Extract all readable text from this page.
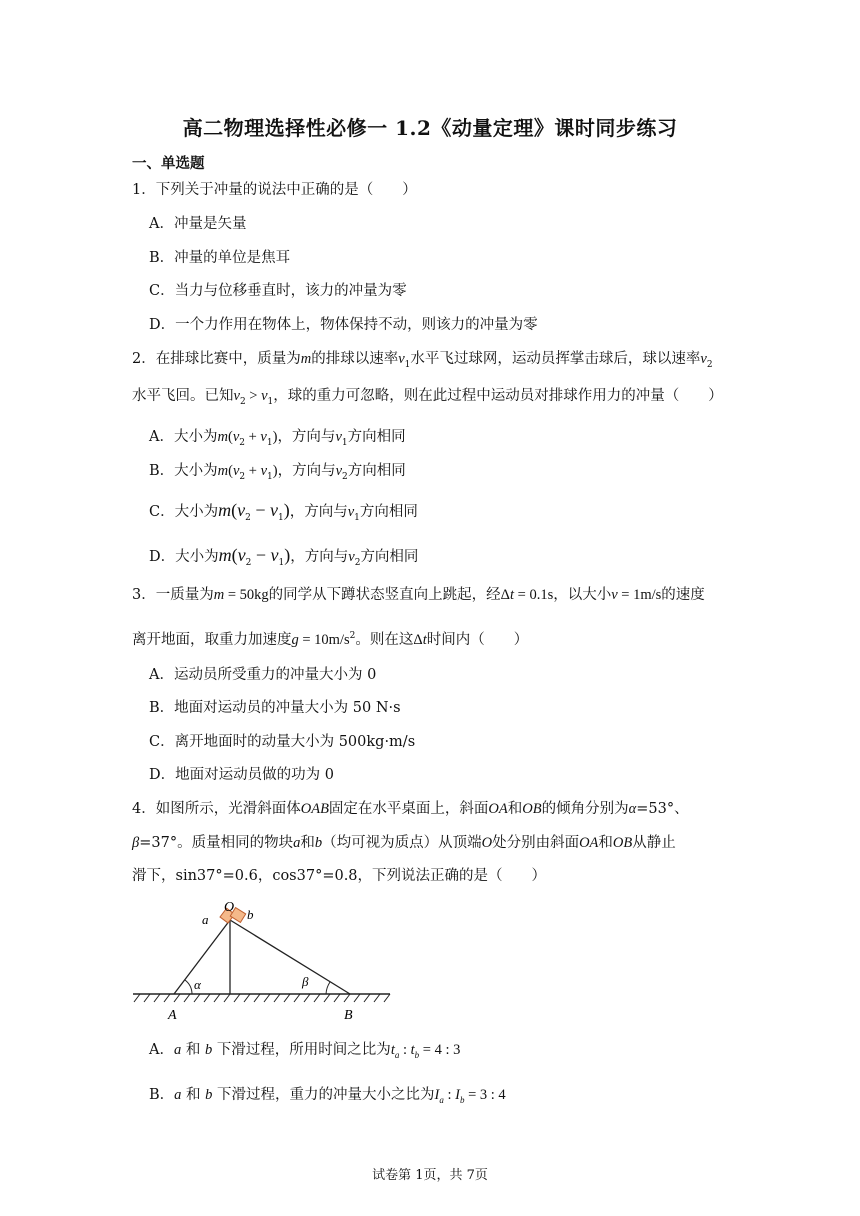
高二物理选择性必修一 1.2《动量定理》课时同步练习
一、单选题
1．下列关于冲量的说法中正确的是（　　）
A．冲量是矢量
B．冲量的单位是焦耳
C．当力与位移垂直时，该力的冲量为零
D．一个力作用在物体上，物体保持不动，则该力的冲量为零
2．在排球比赛中，质量为m的排球以速率$v_1$水平飞过球网，运动员挥掌击球后，球以速率$v_2$
水平飞回。已知$v_2 > v_1$，球的重力可忽略，则在此过程中运动员对排球作用力的冲量（　　）
A．大小为$m(v_2 + v_1)$，方向与$v_1$方向相同
B．大小为$m(v_2 + v_1)$，方向与$v_2$方向相同
C．大小为$m(v_2 - v_1)$，方向与$v_1$方向相同
D．大小为$m(v_2 - v_1)$，方向与$v_2$方向相同
3．一质量为m = 50kg的同学从下蹲状态竖直向上跳起，经Δt = 0.1s，以大小v = 1m/s的速度
离开地面，取重力加速度$g = 10m/s^2$。则在这Δt时间内（　　）
A．运动员所受重力的冲量大小为 0
B．地面对运动员的冲量大小为 50 N·s
C．离开地面时的动量大小为 500kg·m/s
D．地面对运动员做的功为 0
4．如图所示，光滑斜面体OAB固定在水平桌面上，斜面OA和OB的倾角分别为α=53°、
β=37°。质量相同的物块a和b（均可视为质点）从顶端O处分别由斜面OA和OB从静止
滑下，sin37°=0.6，cos37°=0.8，下列说法正确的是（　　）
O
a	b
α	β
A	B
A．a 和 b 下滑过程，所用时间之比为$t_a$ : $t_b = 4$ : 3
B．a 和 b 下滑过程，重力的冲量大小之比为$I_a$ : $I_b = 3$ : 4
试卷第 1页，共 7页
